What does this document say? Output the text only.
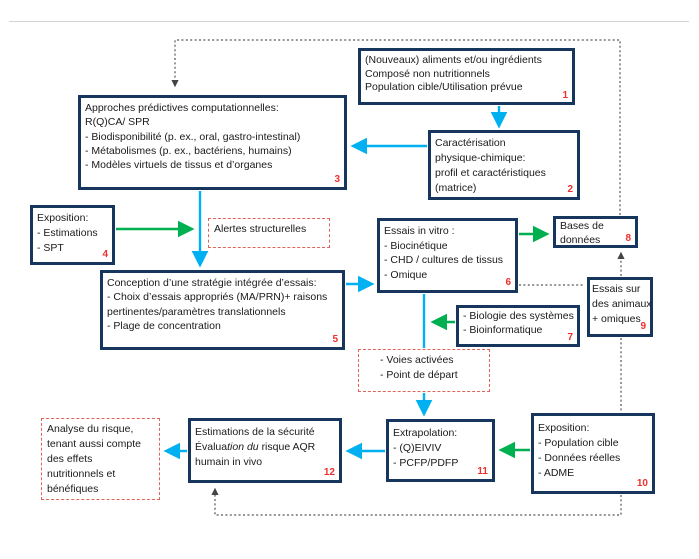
(Nouveaux) aliments et/ou ingrédients
Composé non nutritionnels
Population cible/Utilisation prévue
1
Caractérisation
physique-chimique:
profil et caractéristiques
(matrice)	2
Approches prédictives computationnelles:
R(Q)CA/ SPR
- Biodisponibilité (p. ex., oral, gastro-intestinal)
- Métabolismes (p. ex., bactériens, humains)
- Modèles virtuels de tissus et d’organes
3
Exposition:
- Estimations
- SPT
4
Alertes structurelles
Conception d’une stratégie intégrée d’essais:
- Choix d’essais appropriés (MA/PRN)+ raisons
pertinentes/paramètres translationnels
- Plage de concentration
5
Essais in vitro :
- Biocinétique
- CHD / cultures de tissus
- Omique
6
Bases de
données	8
Essais sur
des animaux
+ omiques
9
- Biologie des systèmes
- Bioinformatique
7
- Voies activées
- Point de départ
Exposition:
- Population cible
- Données réelles
- ADME
10
Extrapolation:
- (Q)EIVIV
- PCFP/PDFP
11
Estimations de la sécurité
Évaluation du risque AQR
humain in vivo
12
Analyse du risque,
tenant aussi compte
des effets
nutritionnels et
bénéfiques
